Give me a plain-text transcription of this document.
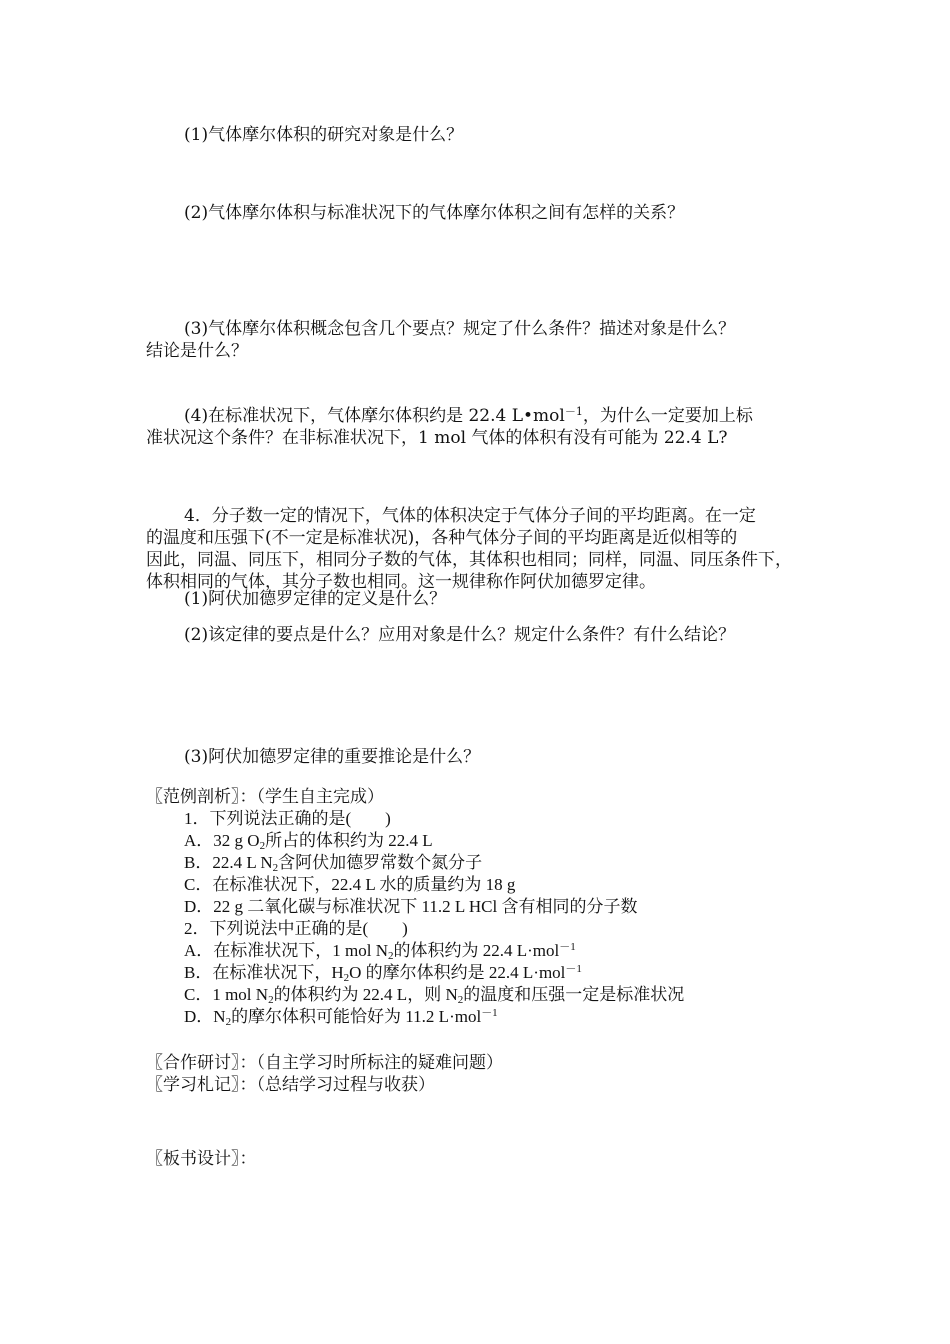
(1)气体摩尔体积的研究对象是什么？
(2)气体摩尔体积与标准状况下的气体摩尔体积之间有怎样的关系？
(3)气体摩尔体积概念包含几个要点？规定了什么条件？描述对象是什么？
结论是什么？
(4)在标准状况下，气体摩尔体积约是 22.4 L•mol$^{-1}$，为什么一定要加上标
准状况这个条件？在非标准状况下，1 mol 气体的体积有没有可能为 22.4 L?
4．分子数一定的情况下，气体的体积决定于气体分子间的平均距离。在一定
的温度和压强下(不一定是标准状况)，各种气体分子间的平均距离是近似相等的
因此，同温、同压下，相同分子数的气体，其体积也相同；同样，同温、同压条件下，
体积相同的气体，其分子数也相同。这一规律称作阿伏加德罗定律。
(1)阿伏加德罗定律的定义是什么？
(2)该定律的要点是什么？应用对象是什么？规定什么条件？有什么结论？
(3)阿伏加德罗定律的重要推论是什么？
〖范例剖析〗：（学生自主完成）
1．下列说法正确的是(　　)
A．32 g $O_2$所占的体积约为 22.4 L
B．22.4 L $N_2$含阿伏加德罗常数个氮分子
C．在标准状况下，22.4 L 水的质量约为 18 g
D．22 g 二氧化碳与标准状况下 11.2 L HCl 含有相同的分子数
2．下列说法中正确的是(　　)
A．在标准状况下，1 mol $N_2$的体积约为 22.4 L·mol$^{-1}$
B．在标准状况下，$H_2O$ 的摩尔体积约是 22.4 L·mol$^{-1}$
C．1 mol $N_2$的体积约为 22.4 L，则 $N_2$的温度和压强一定是标准状况
D．$N_2$的摩尔体积可能恰好为 11.2 L·mol$^{-1}$
〖合作研讨〗：（自主学习时所标注的疑难问题）
〖学习札记〗：（总结学习过程与收获）
〖板书设计〗：
